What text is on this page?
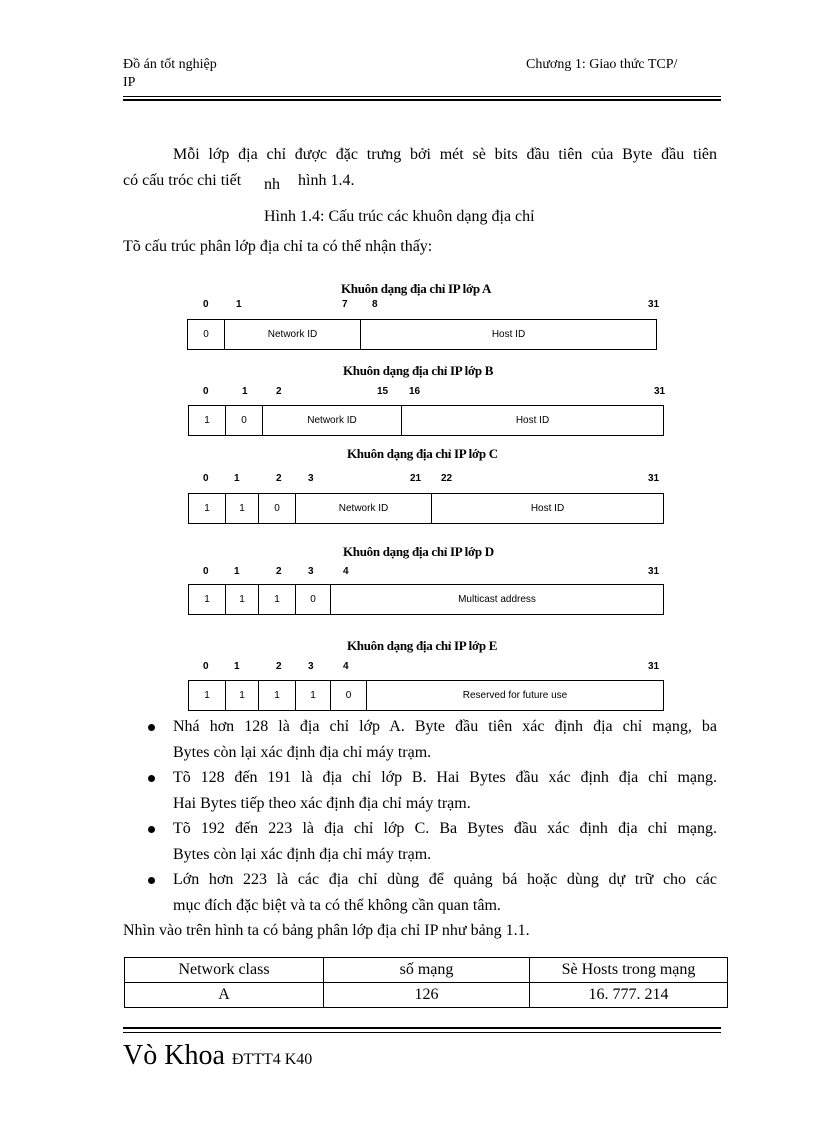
Đồ án tốt nghiệp
IP
Chương 1: Giao thức TCP/
Mỗi lớp địa chỉ được đặc trưng bởi mét sè bits đầu tiên của Byte đầu tiên
có cấu tróc chi tiết nh hình 1.4.
Hình 1.4: Cấu trúc các khuôn dạng địa chỉ
Tõ cấu trúc phân lớp địa chỉ ta có thể nhận thấy:
Khuôn dạng địa chỉ IP lớp A
0	1	7 8	31
0	Network ID	Host ID
Khuôn dạng địa chỉ IP lớp B
0	1	2	15 16	31
1	0	Network ID	Host ID
Khuôn dạng địa chỉ IP lớp C
0	1	2	3	21 22	31
1	1	0	Network ID	Host ID
Khuôn dạng địa chỉ IP lớp D
0	1	2	3	4	31
1	1	1	0	Multicast address
Khuôn dạng địa chỉ IP lớp E
0	1	2	3	4	31
1	1	1	1	0	Reserved for future use
Nhá hơn 128 là địa chỉ lớp A. Byte đầu tiên xác định địa chỉ mạng, ba
Bytes còn lại xác định địa chỉ máy trạm.
Tõ 128 đến 191 là địa chỉ lớp B. Hai Bytes đầu xác định địa chỉ mạng.
Hai Bytes tiếp theo xác định địa chỉ máy trạm.
Tõ 192 đến 223 là địa chỉ lớp C. Ba Bytes đầu xác định địa chỉ mạng.
Bytes còn lại xác định địa chỉ máy trạm.
Lớn hơn 223 là các địa chỉ dùng để quảng bá hoặc dùng dự trữ cho các
mục đích đặc biệt và ta có thể không cần quan tâm.
Nhìn vào trên hình ta có bảng phân lớp địa chỉ IP như bảng 1.1.
Network class	số mạng	Sè Hosts trong mạng
A	126	16. 777. 214
Vò Khoa ĐTTT4 K40
